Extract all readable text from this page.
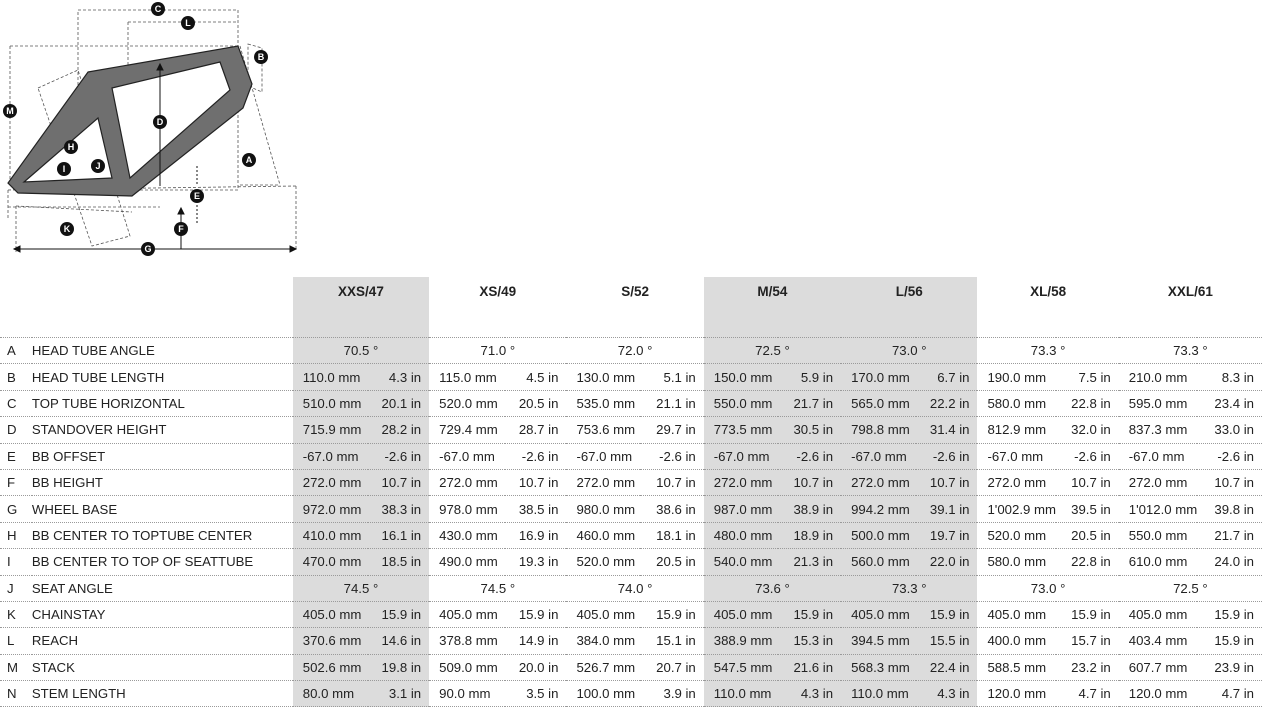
C
L
B
M
D
H
A
J
I
E
F
K
G
		XXS/47		XS/49		S/52		M/54		L/56		XL/58		XXL/61	
A	HEAD TUBE ANGLE	70.5 °		71.0 °		72.0 °		72.5 °		73.0 °		73.3 °		73.3 °	
B	HEAD TUBE LENGTH	110.0 mm	4.3 in	115.0 mm	4.5 in	130.0 mm	5.1 in	150.0 mm	5.9 in	170.0 mm	6.7 in	190.0 mm	7.5 in	210.0 mm	8.3 in
C	TOP TUBE HORIZONTAL	510.0 mm	20.1 in	520.0 mm	20.5 in	535.0 mm	21.1 in	550.0 mm	21.7 in	565.0 mm	22.2 in	580.0 mm	22.8 in	595.0 mm	23.4 in
D	STANDOVER HEIGHT	715.9 mm	28.2 in	729.4 mm	28.7 in	753.6 mm	29.7 in	773.5 mm	30.5 in	798.8 mm	31.4 in	812.9 mm	32.0 in	837.3 mm	33.0 in
E	BB OFFSET	-67.0 mm	-2.6 in	-67.0 mm	-2.6 in	-67.0 mm	-2.6 in	-67.0 mm	-2.6 in	-67.0 mm	-2.6 in	-67.0 mm	-2.6 in	-67.0 mm	-2.6 in
F	BB HEIGHT	272.0 mm	10.7 in	272.0 mm	10.7 in	272.0 mm	10.7 in	272.0 mm	10.7 in	272.0 mm	10.7 in	272.0 mm	10.7 in	272.0 mm	10.7 in
G	WHEEL BASE	972.0 mm	38.3 in	978.0 mm	38.5 in	980.0 mm	38.6 in	987.0 mm	38.9 in	994.2 mm	39.1 in	1'002.9 mm	39.5 in	1'012.0 mm	39.8 in
H	BB CENTER TO TOPTUBE CENTER	410.0 mm	16.1 in	430.0 mm	16.9 in	460.0 mm	18.1 in	480.0 mm	18.9 in	500.0 mm	19.7 in	520.0 mm	20.5 in	550.0 mm	21.7 in
I	BB CENTER TO TOP OF SEATTUBE	470.0 mm	18.5 in	490.0 mm	19.3 in	520.0 mm	20.5 in	540.0 mm	21.3 in	560.0 mm	22.0 in	580.0 mm	22.8 in	610.0 mm	24.0 in
J	SEAT ANGLE	74.5 °		74.5 °		74.0 °		73.6 °		73.3 °		73.0 °		72.5 °	
K	CHAINSTAY	405.0 mm	15.9 in	405.0 mm	15.9 in	405.0 mm	15.9 in	405.0 mm	15.9 in	405.0 mm	15.9 in	405.0 mm	15.9 in	405.0 mm	15.9 in
L	REACH	370.6 mm	14.6 in	378.8 mm	14.9 in	384.0 mm	15.1 in	388.9 mm	15.3 in	394.5 mm	15.5 in	400.0 mm	15.7 in	403.4 mm	15.9 in
M	STACK	502.6 mm	19.8 in	509.0 mm	20.0 in	526.7 mm	20.7 in	547.5 mm	21.6 in	568.3 mm	22.4 in	588.5 mm	23.2 in	607.7 mm	23.9 in
N	STEM LENGTH	80.0 mm	3.1 in	90.0 mm	3.5 in	100.0 mm	3.9 in	110.0 mm	4.3 in	110.0 mm	4.3 in	120.0 mm	4.7 in	120.0 mm	4.7 in
